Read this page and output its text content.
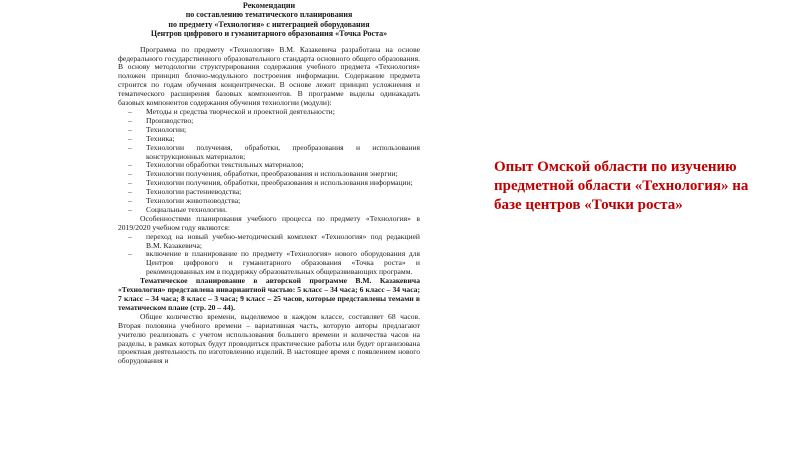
Рекомендации
по составлению тематического планирования
по предмету «Технология» с интеграцией оборудования
Центров цифрового и гуманитарного образования «Точка Роста»

Программа по предмету «Технология» В.М. Казакевича разработана на основе федерального государственного образовательного стандарта основного общего образования. В основу методологии структурирования содержания учебного предмета «Технология» положен принцип блочно-модульного построения информации. Содержание предмета строится по годам обучения концентрически. В основе лежит принцип усложнения и тематического расширения базовых компонентов. В программе выделы одинакадать базовых компонентов содержания обучения технологии (модули):

– Методы и средства творческой и проектной деятельности;
– Производство;
– Технологии;
– Техника;
– Технологии получения, обработки, преобразования и использования конструкционных материалов;
– Технологии обработки текстильных материалов;
– Технологии получения, обработки, преобразования и использования энергии;
– Технологии получения, обработки, преобразования и использования информации;
– Технологии растениеводства;
– Технологии животноводства;
– Социальные технологии.

Особенностями планирования учебного процесса по предмету «Технология» в 2019/2020 учебном году являются:

– переход на новый учебно-методический комплект «Технология» под редакцией В.М. Казакевича;
– включение в планирование по предмету «Технология» нового оборудования для Центров цифрового и гуманитарного образования «Точка роста» и рекомендованных им в поддержку образовательных общеразвивающих программ.

Тематическое планирование в авторской программе В.М. Казакевича «Технология» представлена инвариантной частью: 5 класс – 34 часа; 6 класс – 34 часа; 7 класс – 34 часа; 8 класс – 3 часа; 9 класс – 25 часов, которые представлены темами в тематическом плане (стр. 20 – 44).

Общее количество времени, выделяемое в каждом классе, составляет 68 часов. Вторая половина учебного времени – вариативная часть, которую авторы предлагают учителю реализовать с учетом использования большего времени и количества часов на разделы, в рамках которых будут проводиться практические работы или будет организована проектная деятельность по изготовлению изделий. В настоящее время с появлением нового оборудования и

Опыт Омской области по изучению предметной области «Технология» на базе центров «Точки роста»
